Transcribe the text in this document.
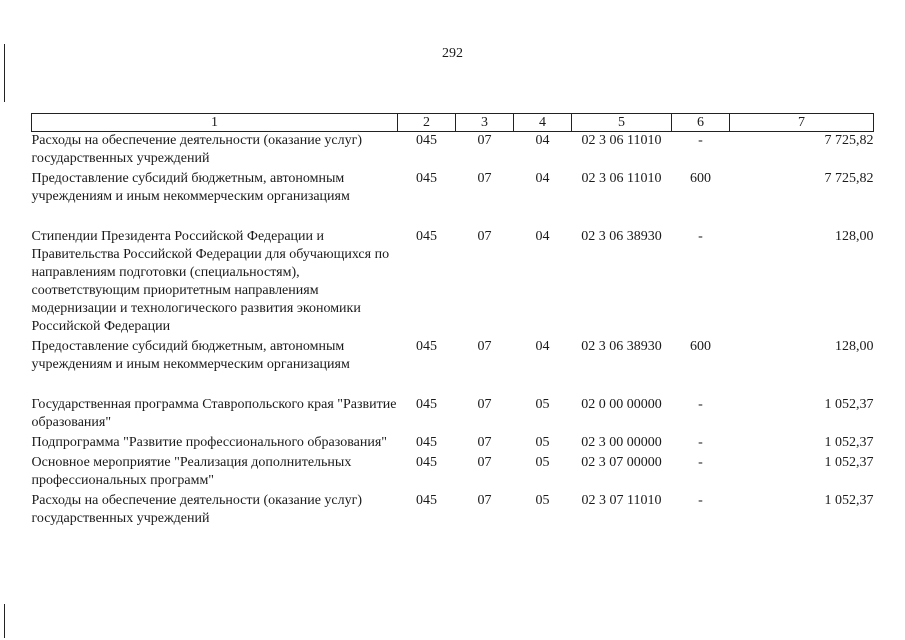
292
1	2	3	4	5	6	7
Расходы на обеспечение деятельности (оказание услуг) государственных учреждений	045	07	04	02 3 06 11010	-	7 725,82
Предоставление субсидий бюджетным, автономным учреждениям и иным некоммерческим организациям	045	07	04	02 3 06 11010	600	7 725,82
Стипендии Президента Российской Федерации и Правительства Российской Федерации для обучающихся по направлениям подготовки (специальностям), соответствующим приоритетным направлениям модернизации и технологического развития экономики Российской Федерации	045	07	04	02 3 06 38930	-	128,00
Предоставление субсидий бюджетным, автономным учреждениям и иным некоммерческим организациям	045	07	04	02 3 06 38930	600	128,00
Государственная программа Ставропольского края "Развитие образования"	045	07	05	02 0 00 00000	-	1 052,37
Подпрограмма "Развитие профессионального образования"	045	07	05	02 3 00 00000	-	1 052,37
Основное мероприятие "Реализация дополнительных профессиональных программ"	045	07	05	02 3 07 00000	-	1 052,37
Расходы на обеспечение деятельности (оказание услуг) государственных учреждений	045	07	05	02 3 07 11010	-	1 052,37
